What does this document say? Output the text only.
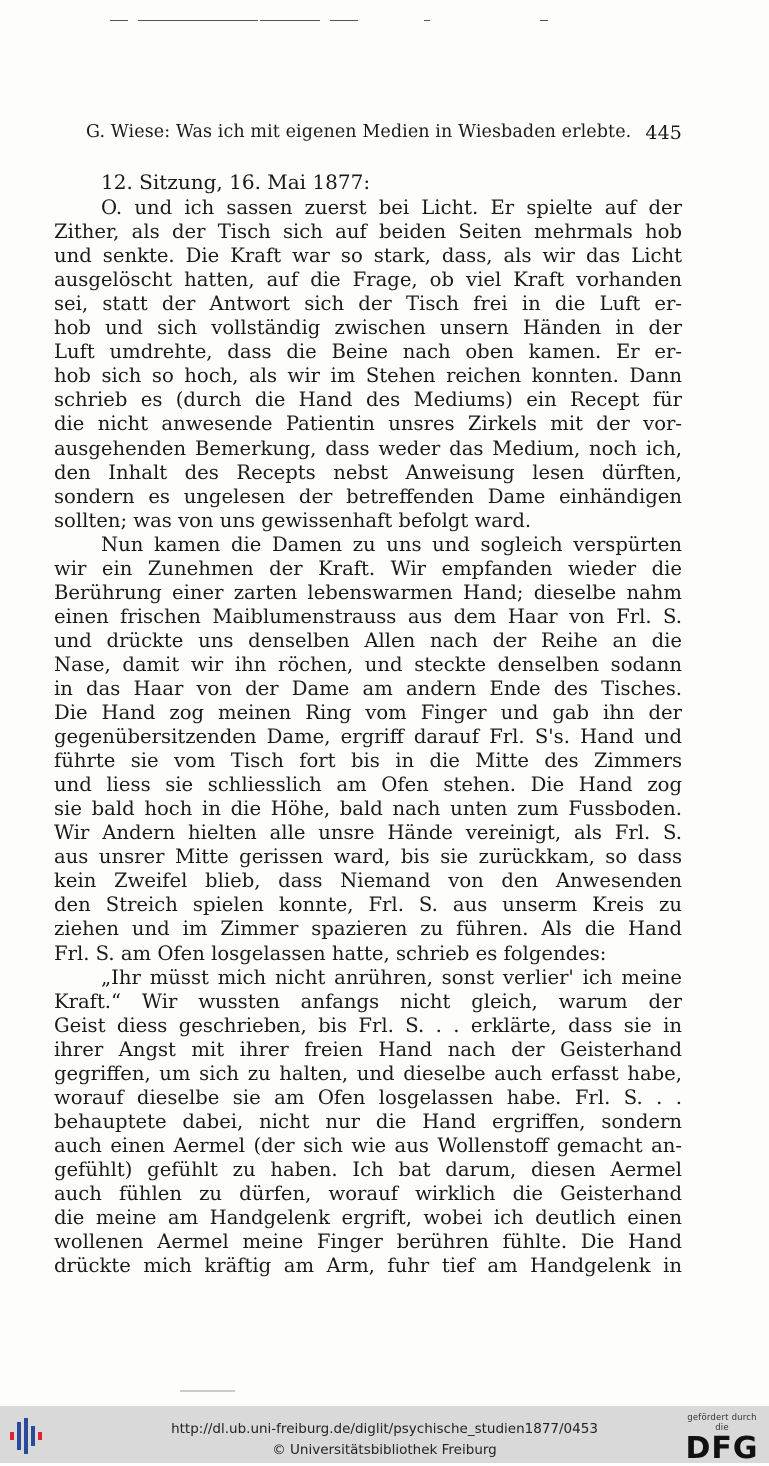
G. Wiese: Was ich mit eigenen Medien in Wiesbaden erlebte. 445
12. Sitzung, 16. Mai 1877:
O. und ich sassen zuerst bei Licht. Er spielte auf der
Zither, als der Tisch sich auf beiden Seiten mehrmals hob
und senkte. Die Kraft war so stark, dass, als wir das Licht
ausgelöscht hatten, auf die Frage, ob viel Kraft vorhanden
sei, statt der Antwort sich der Tisch frei in die Luft er-
hob und sich vollständig zwischen unsern Händen in der
Luft umdrehte, dass die Beine nach oben kamen. Er er-
hob sich so hoch, als wir im Stehen reichen konnten. Dann
schrieb es (durch die Hand des Mediums) ein Recept für
die nicht anwesende Patientin unsres Zirkels mit der vor-
ausgehenden Bemerkung, dass weder das Medium, noch ich,
den Inhalt des Recepts nebst Anweisung lesen dürften,
sondern es ungelesen der betreffenden Dame einhändigen
sollten; was von uns gewissenhaft befolgt ward.
Nun kamen die Damen zu uns und sogleich verspürten
wir ein Zunehmen der Kraft. Wir empfanden wieder die
Berührung einer zarten lebenswarmen Hand; dieselbe nahm
einen frischen Maiblumenstrauss aus dem Haar von Frl. S.
und drückte uns denselben Allen nach der Reihe an die
Nase, damit wir ihn röchen, und steckte denselben sodann
in das Haar von der Dame am andern Ende des Tisches.
Die Hand zog meinen Ring vom Finger und gab ihn der
gegenübersitzenden Dame, ergriff darauf Frl. S's. Hand und
führte sie vom Tisch fort bis in die Mitte des Zimmers
und liess sie schliesslich am Ofen stehen. Die Hand zog
sie bald hoch in die Höhe, bald nach unten zum Fussboden.
Wir Andern hielten alle unsre Hände vereinigt, als Frl. S.
aus unsrer Mitte gerissen ward, bis sie zurückkam, so dass
kein Zweifel blieb, dass Niemand von den Anwesenden
den Streich spielen konnte, Frl. S. aus unserm Kreis zu
ziehen und im Zimmer spazieren zu führen. Als die Hand
Frl. S. am Ofen losgelassen hatte, schrieb es folgendes:
„Ihr müsst mich nicht anrühren, sonst verlier' ich meine
Kraft.“ Wir wussten anfangs nicht gleich, warum der
Geist diess geschrieben, bis Frl. S. . . erklärte, dass sie in
ihrer Angst mit ihrer freien Hand nach der Geisterhand
gegriffen, um sich zu halten, und dieselbe auch erfasst habe,
worauf dieselbe sie am Ofen losgelassen habe. Frl. S. . .
behauptete dabei, nicht nur die Hand ergriffen, sondern
auch einen Aermel (der sich wie aus Wollenstoff gemacht an-
gefühlt) gefühlt zu haben. Ich bat darum, diesen Aermel
auch fühlen zu dürfen, worauf wirklich die Geisterhand
die meine am Handgelenk ergrift, wobei ich deutlich einen
wollenen Aermel meine Finger berühren fühlte. Die Hand
drückte mich kräftig am Arm, fuhr tief am Handgelenk in
http://dl.ub.uni-freiburg.de/diglit/psychische_studien1877/0453
© Universitätsbibliothek Freiburg
gefördert durch die
DFG
